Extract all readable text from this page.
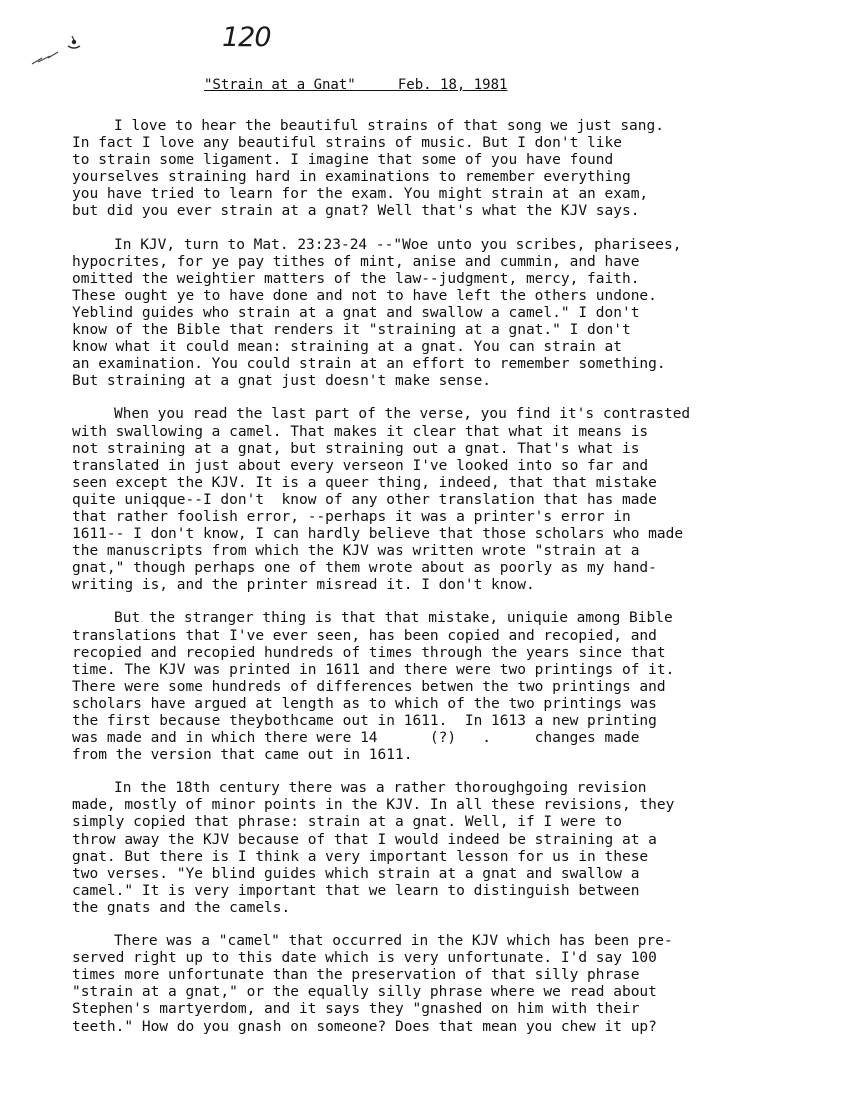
120
"Strain at a Gnat"	Feb. 18, 1981
I love to hear the beautiful strains of that song we just sang.
In fact I love any beautiful strains of music. But I don't like
to strain some ligament. I imagine that some of you have found
yourselves straining hard in examinations to remember everything
you have tried to learn for the exam. You might strain at an exam,
but did you ever strain at a gnat? Well that's what the KJV says.
In KJV, turn to Mat. 23:23-24 --"Woe unto you scribes, pharisees,
hypocrites, for ye pay tithes of mint, anise and cummin, and have
omitted the weightier matters of the law--judgment, mercy, faith.
These ought ye to have done and not to have left the others undone.
Yeblind guides who strain at a gnat and swallow a camel." I don't
know of the Bible that renders it "straining at a gnat." I don't
know what it could mean: straining at a gnat. You can strain at
an examination. You could strain at an effort to remember something.
But straining at a gnat just doesn't make sense.
When you read the last part of the verse, you find it's contrasted
with swallowing a camel. That makes it clear that what it means is
not straining at a gnat, but straining out a gnat. That's what is
translated in just about every verseon I've looked into so far and
seen except the KJV. It is a queer thing, indeed, that that mistake
quite uniqque--I don't  know of any other translation that has made
that rather foolish error, --perhaps it was a printer's error in
1611-- I don't know, I can hardly believe that those scholars who made
the manuscripts from which the KJV was written wrote "strain at a
gnat," though perhaps one of them wrote about as poorly as my hand-
writing is, and the printer misread it. I don't know.
But the stranger thing is that that mistake, uniquie among Bible
translations that I've ever seen, has been copied and recopied, and
recopied and recopied hundreds of times through the years since that
time. The KJV was printed in 1611 and there were two printings of it.
There were some hundreds of differences betwen the two printings and
scholars have argued at length as to which of the two printings was
the first because theybothcame out in 1611.  In 1613 a new printing
was made and in which there were 14      (?)   .     changes made
from the version that came out in 1611.
In the 18th century there was a rather thoroughgoing revision
made, mostly of minor points in the KJV. In all these revisions, they
simply copied that phrase: strain at a gnat. Well, if I were to
throw away the KJV because of that I would indeed be straining at a
gnat. But there is I think a very important lesson for us in these
two verses. "Ye blind guides which strain at a gnat and swallow a
camel." It is very important that we learn to distinguish between
the gnats and the camels.
There was a "camel" that occurred in the KJV which has been pre-
served right up to this date which is very unfortunate. I'd say 100
times more unfortunate than the preservation of that silly phrase
"strain at a gnat," or the equally silly phrase where we read about
Stephen's martyerdom, and it says they "gnashed on him with their
teeth." How do you gnash on someone? Does that mean you chew it up?
